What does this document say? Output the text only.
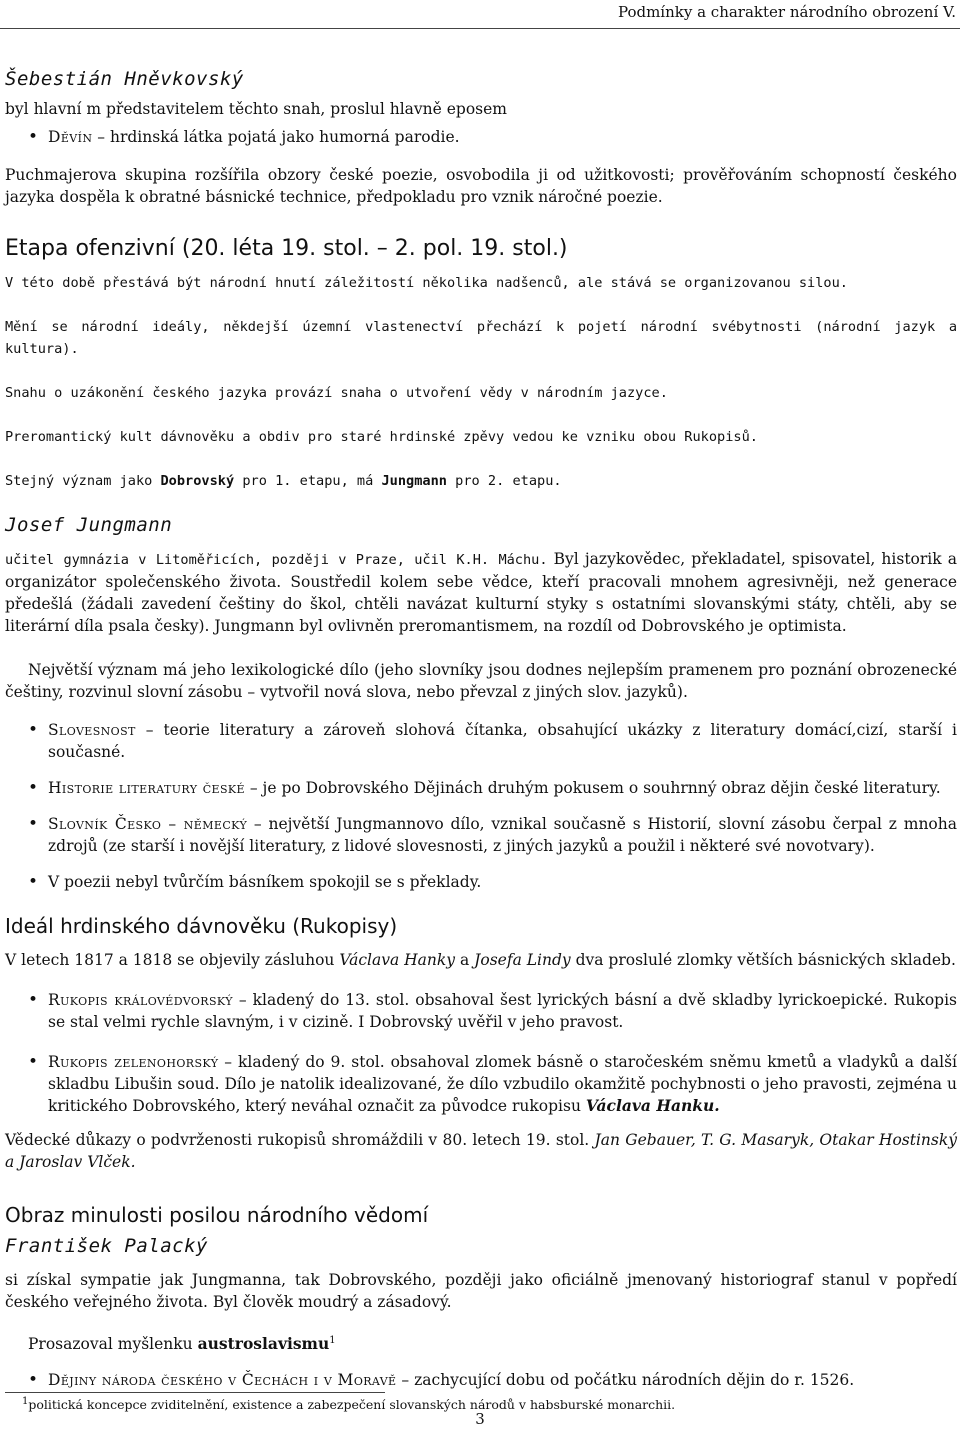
Podmínky a charakter národního obrození V.
Šebestián Hněvkovský

byl hlavní m představitelem těchto snah, proslul hlavně eposem

• Děvín – hrdinská látka pojatá jako humorná parodie.

Puchmajerova skupina rozšířila obzory české poezie, osvobodila ji od užitkovosti; prověřováním schopností českého jazyka dospěla k obratné básnické technice, předpokladu pro vznik náročné poezie.

Etapa ofenzivní (20. léta 19. stol. – 2. pol. 19. stol.)

V této době přestává být národní hnutí záležitostí několika nadšenců, ale stává se organizovanou silou.

Mění se národní ideály, někdejší územní vlastenectví přechází k pojetí národní svébytnosti (národní jazyk a kultura).

Snahu o uzákonění českého jazyka provází snaha o utvoření vědy v národním jazyce.

Preromantický kult dávnověku a obdiv pro staré hrdinské zpěvy vedou ke vzniku obou Rukopisů.

Stejný význam jako Dobrovský pro 1. etapu, má Jungmann pro 2. etapu.

Josef Jungmann

učitel gymnázia v Litoměřicích, později v Praze, učil K.H. Máchu. Byl jazykovědec, překladatel, spisovatel, historik a organizátor společenského života. Soustředil kolem sebe vědce, kteří pracovali mnohem agresivněji, než generace předešlá (žádali zavedení češtiny do škol, chtěli navázat kulturní styky s ostatními slovanskými státy, chtěli, aby se literární díla psala česky). Jungmann byl ovlivněn preromantismem, na rozdíl od Dobrovského je optimista.

Největší význam má jeho lexikologické dílo (jeho slovníky jsou dodnes nejlepším pramenem pro poznání obrozenecké češtiny, rozvinul slovní zásobu – vytvořil nová slova, nebo převzal z jiných slov. jazyků).

• Slovesnost – teorie literatury a zároveň slohová čítanka, obsahující ukázky z literatury domácí,cizí, starší i současné.
• Historie literatury české – je po Dobrovského Dějinách druhým pokusem o souhrnný obraz dějin české literatury.
• Slovník Česko – německý – největší Jungmannovo dílo, vznikal současně s Historií, slovní zásobu čerpal z mnoha zdrojů (ze starší i novější literatury, z lidové slovesnosti, z jiných jazyků a použil i některé své novotvary).
• V poezii nebyl tvůrčím básníkem spokojil se s překlady.
Ideál hrdinského dávnověku (Rukopisy)

V letech 1817 a 1818 se objevily zásluhou Václava Hanky a Josefa Lindy dva proslulé zlomky větších básnických skladeb.

• Rukopis královédvorský – kladený do 13. stol. obsahoval šest lyrických básní a dvě skladby lyrickoepické. Rukopis se stal velmi rychle slavným, i v cizině. I Dobrovský uvěřil v jeho pravost.
• Rukopis zelenohorský – kladený do 9. stol. obsahoval zlomek básně o staročeském sněmu kmetů a vladyků a další skladbu Libušin soud. Dílo je natolik idealizované, že dílo vzbudilo okamžitě pochybnosti o jeho pravosti, zejména u kritického Dobrovského, který neváhal označit za původce rukopisu Václava Hanku.

Vědecké důkazy o podvrženosti rukopisů shromáždili v 80. letech 19. stol. Jan Gebauer, T. G. Masaryk, Otakar Hostinský a Jaroslav Vlček.

Obraz minulosti posilou národního vědomí
František Palacký

si získal sympatie jak Jungmanna, tak Dobrovského, později jako oficiálně jmenovaný historiograf stanul v popředí českého veřejného života. Byl člověk moudrý a zásadový.

Prosazoval myšlenku austroslavismu$^1$

• Dějiny národa českého v Čechách i v Moravě – zachycující dobu od počátku národních dějin do r. 1526.
$^1$politická koncepce zviditelnění, existence a zabezpečení slovanských národů v habsburské monarchii.
3
